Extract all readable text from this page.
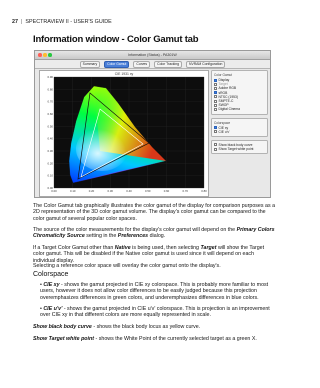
27 | SPECTRAVIEW II - USER'S GUIDE
Information window - Color Gamut tab
Information (Status) - PA301W
Summary	Color Gamut	Curves	Color Tracking	NVRAM Configuration
CIE 1931 xy
0.90
0.80
0.70
0.60
0.50
0.40
0.30
0.20
0.10
0.00
0.00	0.10	0.20	0.30	0.40	0.50	0.60	0.70	0.80
Color Gamut
Display
Target
Adobe RGB
sRGB
NTSC (1953)
SMPTE-C
SWOP
Digital Cinema
Colorspace
CIE xy
CIE u'v'
Show black body curve
Show Target white point

The Color Gamut tab graphically illustrates the color gamut of the display for comparison purposes as a 2D representation of the 3D color gamut volume. The display's color gamut can be compared to the color gamut of several popular color spaces.

The source of the color measurements for the display's color gamut will depend on the Primary Colors Chromaticity Source setting in the Preferences dialog.

If a Target Color Gamut other than Native is being used, then selecting Target will show the Target color gamut. This will be disabled if the Native color gamut is used since it will depend on each individual display.

Selecting a reference color space will overlay the color gamut onto the display's.

Colorspace

• CIE xy - shows the gamut projected in CIE xy colorspace. This is probably more familiar to most users, however it does not allow color differences to be easily judged because this projection overemphasizes differences in green colors, and underemphasizes differences in blue colors.

• CIE u'v' - shows the gamut projected in CIE u'v' colorspace. This is projection is an improvement over CIE xy in that different colors are more equally represented in scale.

Show black body curve - shows the black body locus as yellow curve.

Show Target white point - shows the White Point of the currently selected target as a green X.
